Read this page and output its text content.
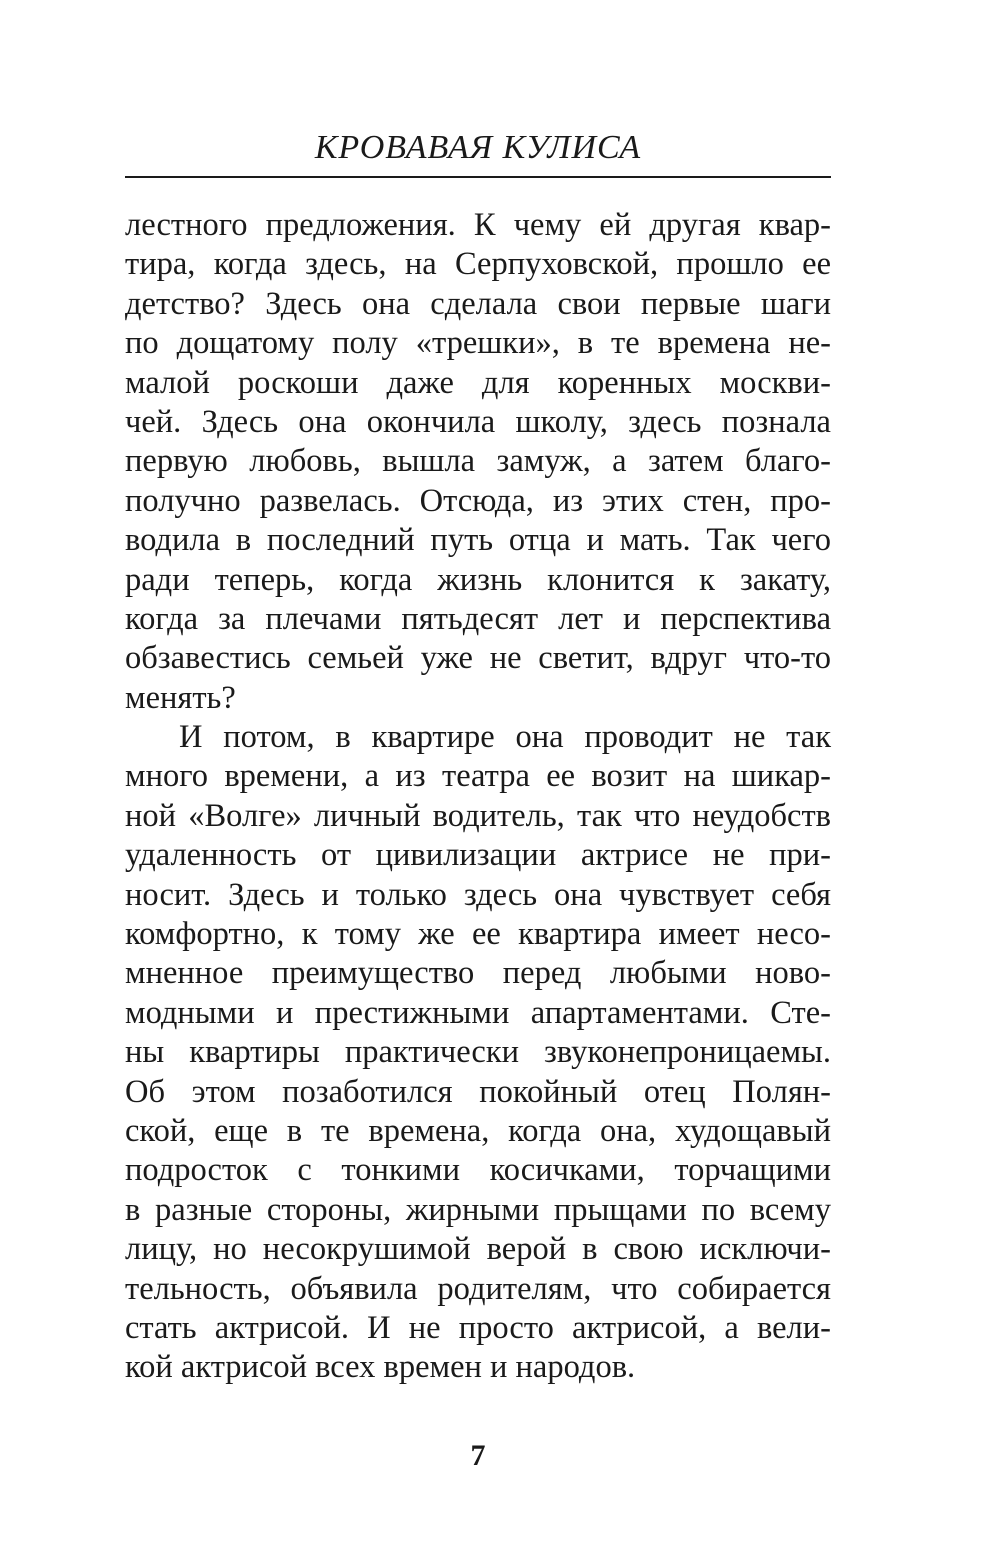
КРОВАВАЯ КУЛИСА
лестного предложения. К чему ей другая квар-
тира, когда здесь, на Серпуховской, прошло ее
детство? Здесь она сделала свои первые шаги
по дощатому полу «трешки», в те времена не-
малой роскоши даже для коренных москви-
чей. Здесь она окончила школу, здесь познала
первую любовь, вышла замуж, а затем благо-
получно развелась. Отсюда, из этих стен, про-
водила в последний путь отца и мать. Так чего
ради теперь, когда жизнь клонится к закату,
когда за плечами пятьдесят лет и перспектива
обзавестись семьей уже не светит, вдруг что-то
менять?
И потом, в квартире она проводит не так
много времени, а из театра ее возит на шикар-
ной «Волге» личный водитель, так что неудобств
удаленность от цивилизации актрисе не при-
носит. Здесь и только здесь она чувствует себя
комфортно, к тому же ее квартира имеет несо-
мненное преимущество перед любыми ново-
модными и престижными апартаментами. Сте-
ны квартиры практически звуконепроницаемы.
Об этом позаботился покойный отец Полян-
ской, еще в те времена, когда она, худощавый
подросток с тонкими косичками, торчащими
в разные стороны, жирными прыщами по всему
лицу, но несокрушимой верой в свою исключи-
тельность, объявила родителям, что собирается
стать актрисой. И не просто актрисой, а вели-
кой актрисой всех времен и народов.
7
